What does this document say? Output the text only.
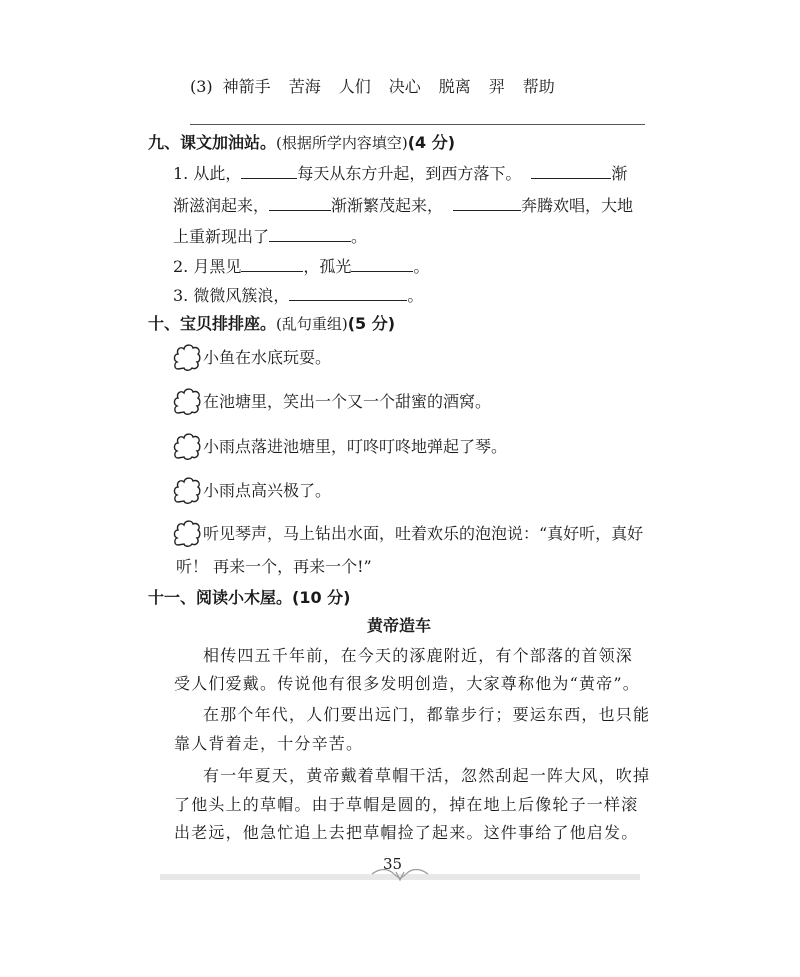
(3) 神箭手 苦海 人们 决心 脱离 羿 帮助
九、课文加油站。(根据所学内容填空)(4 分)
1. 从此，	每天从东方升起，到西方落下。	渐
渐滋润起来，	渐渐繁茂起来，	奔腾欢唱，大地
上重新现出了	。
2. 月黑见	，孤光	。
3. 微微风簇浪，	。
十、宝贝排排座。(乱句重组)(5 分)
小鱼在水底玩耍。
在池塘里，笑出一个又一个甜蜜的酒窝。
小雨点落进池塘里，叮咚叮咚地弹起了琴。
小雨点高兴极了。
听见琴声，马上钻出水面，吐着欢乐的泡泡说：“真好听，真好
听！ 再来一个，再来一个!”
十一、阅读小木屋。(10 分)
黄帝造车
相传四五千年前，在今天的涿鹿附近，有个部落的首领深
受人们爱戴。传说他有很多发明创造，大家尊称他为“黄帝”。
在那个年代，人们要出远门，都靠步行；要运东西，也只能
靠人背着走，十分辛苦。
有一年夏天，黄帝戴着草帽干活，忽然刮起一阵大风，吹掉
了他头上的草帽。由于草帽是圆的，掉在地上后像轮子一样滚
出老远，他急忙追上去把草帽捡了起来。这件事给了他启发。
35
